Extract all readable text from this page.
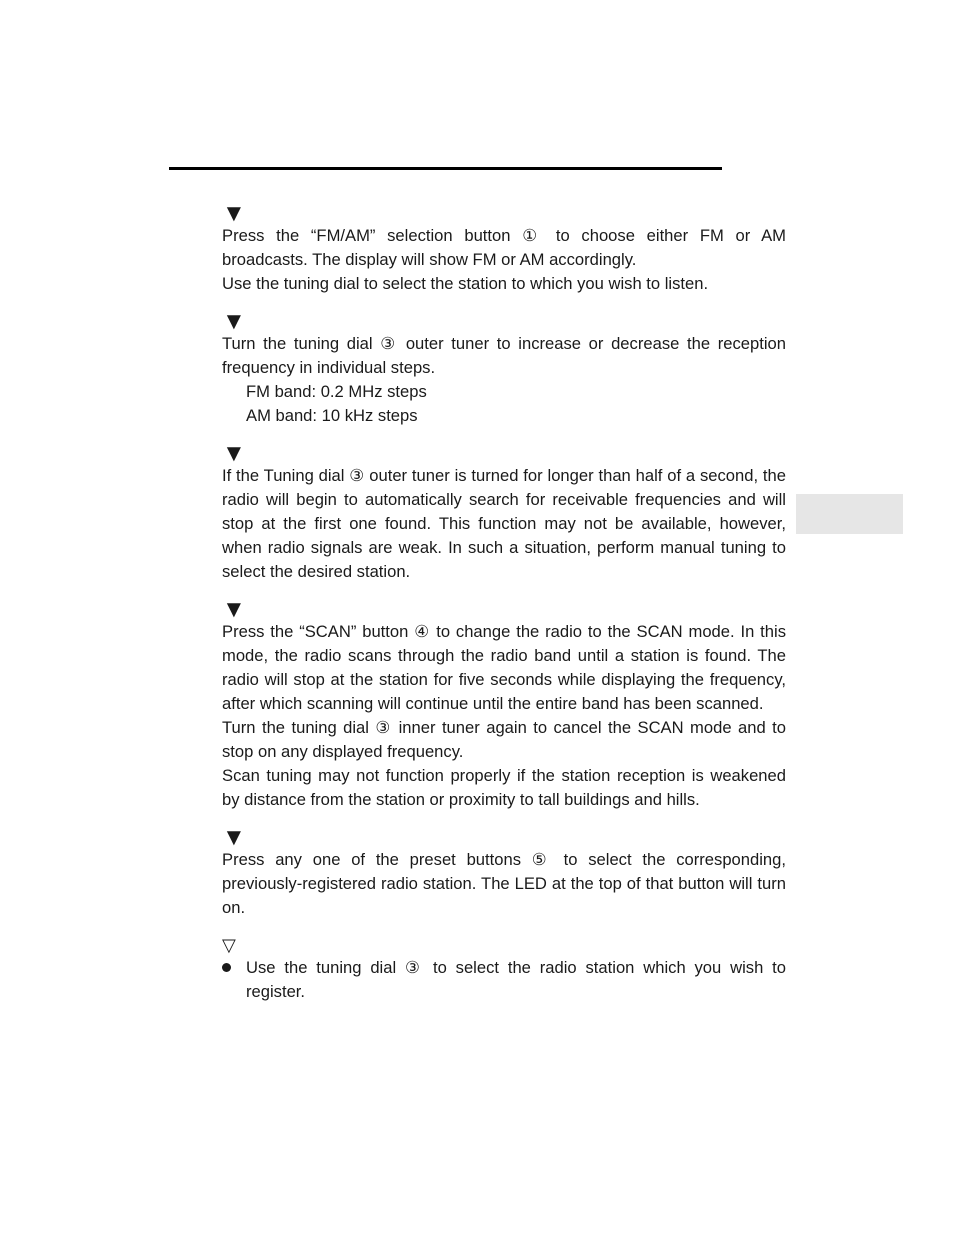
▼

Press the “FM/AM” selection button ① to choose either FM or AM broadcasts. The display will show FM or AM accordingly.

Use the tuning dial to select the station to which you wish to listen.

▼

Turn the tuning dial ③ outer tuner to increase or decrease the reception frequency in individual steps.

FM band: 0.2 MHz steps

AM band: 10 kHz steps

▼

If the Tuning dial ③ outer tuner is turned for longer than half of a second, the radio will begin to automatically search for receivable frequencies and will stop at the first one found. This function may not be available, however, when radio signals are weak. In such a situation, perform manual tuning to select the desired station.

▼

Press the “SCAN” button ④ to change the radio to the SCAN mode. In this mode, the radio scans through the radio band until a station is found. The radio will stop at the station for five seconds while displaying the frequency, after which scanning will continue until the entire band has been scanned.

Turn the tuning dial ③ inner tuner again to cancel the SCAN mode and to stop on any displayed frequency.

Scan tuning may not function properly if the station reception is weakened by distance from the station or proximity to tall buildings and hills.

▼

Press any one of the preset buttons ⑤ to select the corresponding, previously-registered radio station. The LED at the top of that button will turn on.

▽

Use the tuning dial ③ to select the radio station which you wish to register.
